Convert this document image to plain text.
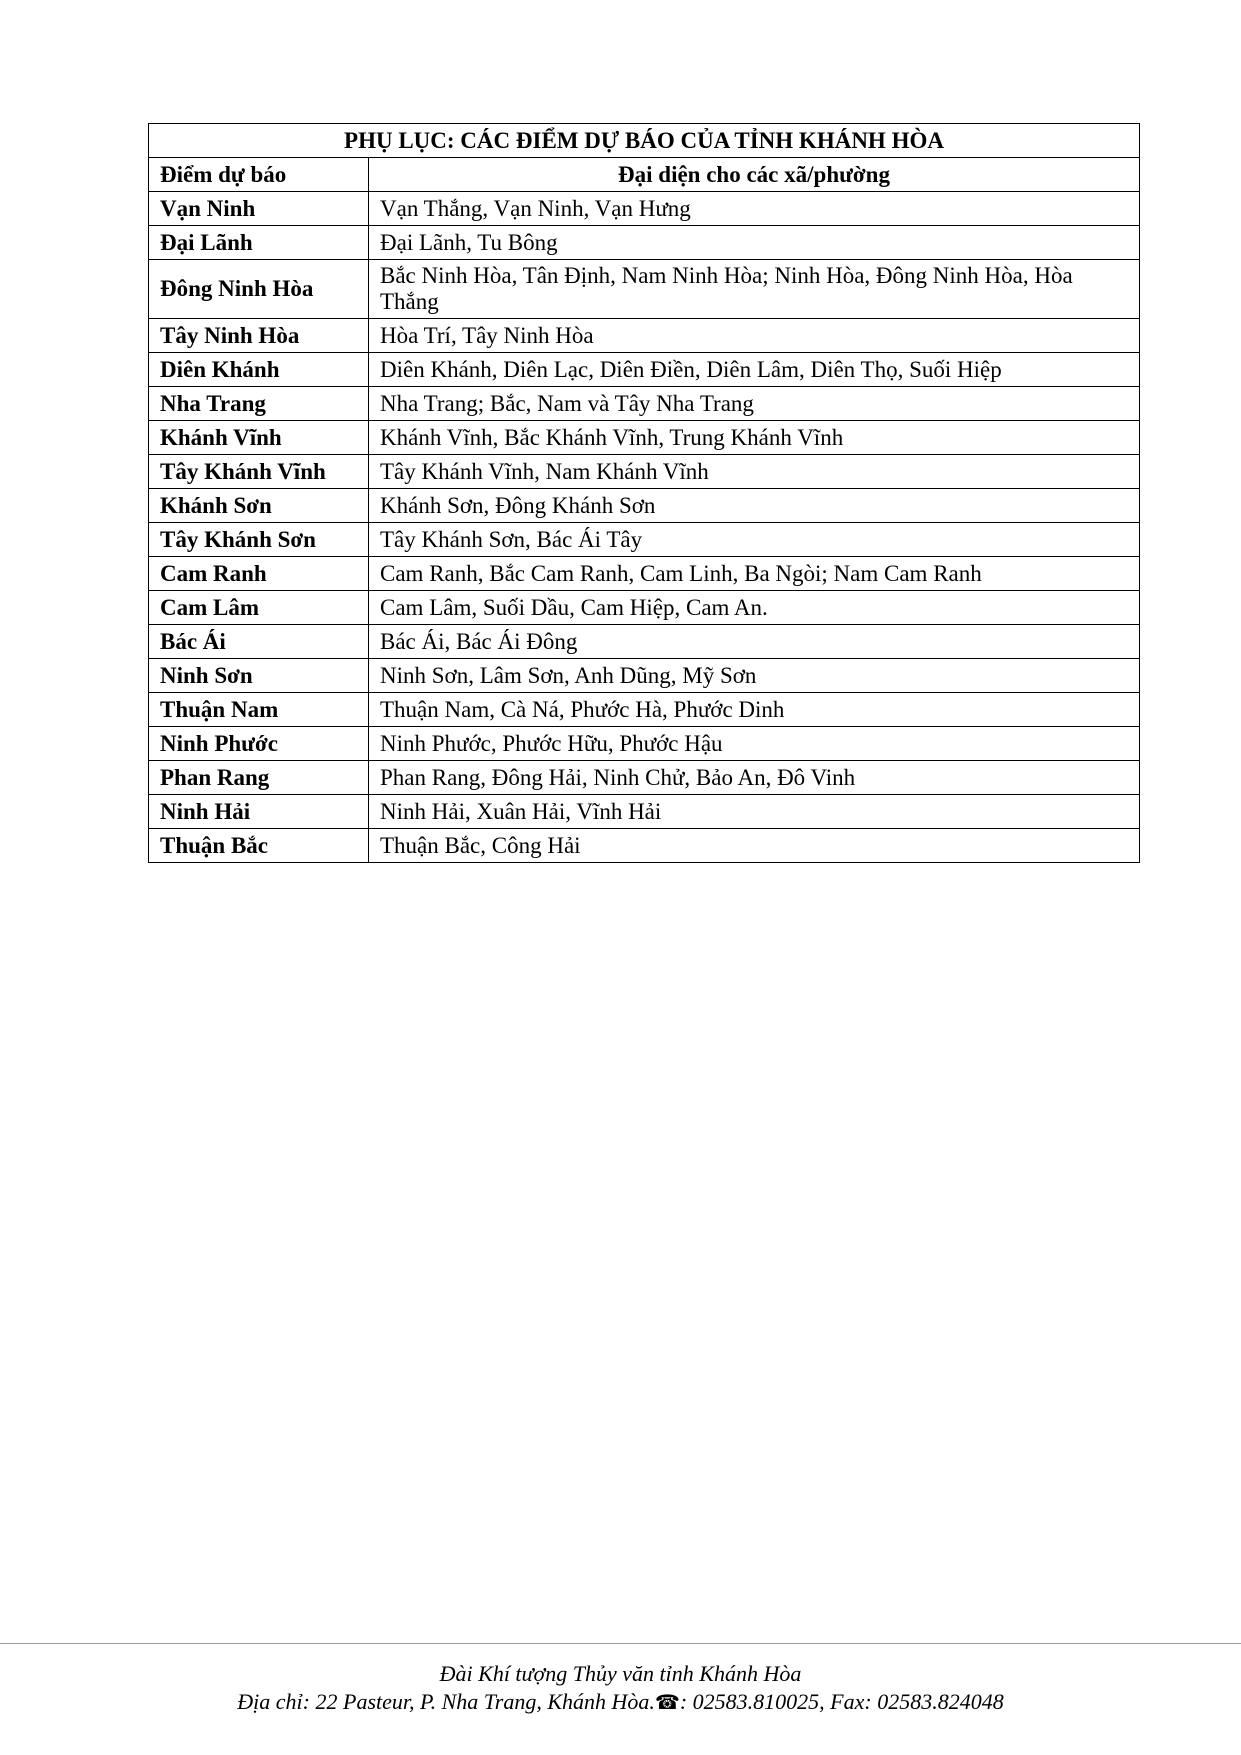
PHỤ LỤC: CÁC ĐIỂM DỰ BÁO CỦA TỈNH KHÁNH HÒA	
Điểm dự báo	Đại diện cho các xã/phường
Vạn Ninh	Vạn Thắng, Vạn Ninh, Vạn Hưng
Đại Lãnh	Đại Lãnh, Tu Bông
Đông Ninh Hòa	Bắc Ninh Hòa, Tân Định, Nam Ninh Hòa; Ninh Hòa, Đông Ninh Hòa, Hòa Thắng
Tây Ninh Hòa	Hòa Trí, Tây Ninh Hòa
Diên Khánh	Diên Khánh, Diên Lạc, Diên Điền, Diên Lâm, Diên Thọ, Suối Hiệp
Nha Trang	Nha Trang; Bắc, Nam và Tây Nha Trang
Khánh Vĩnh	Khánh Vĩnh, Bắc Khánh Vĩnh, Trung Khánh Vĩnh
Tây Khánh Vĩnh	Tây Khánh Vĩnh, Nam Khánh Vĩnh
Khánh Sơn	Khánh Sơn, Đông Khánh Sơn
Tây Khánh Sơn	Tây Khánh Sơn, Bác Ái Tây
Cam Ranh	Cam Ranh, Bắc Cam Ranh, Cam Linh, Ba Ngòi; Nam Cam Ranh
Cam Lâm	Cam Lâm, Suối Dầu, Cam Hiệp, Cam An.
Bác Ái	Bác Ái, Bác Ái Đông
Ninh Sơn	Ninh Sơn, Lâm Sơn, Anh Dũng, Mỹ Sơn
Thuận Nam	Thuận Nam, Cà Ná, Phước Hà, Phước Dinh
Ninh Phước	Ninh Phước, Phước Hữu, Phước Hậu
Phan Rang	Phan Rang, Đông Hải, Ninh Chử, Bảo An, Đô Vinh
Ninh Hải	Ninh Hải, Xuân Hải, Vĩnh Hải
Thuận Bắc	Thuận Bắc, Công Hải
Đài Khí tượng Thủy văn tỉnh Khánh Hòa
Địa chỉ: 22 Pasteur, P. Nha Trang, Khánh Hòa.☎: 02583.810025, Fax: 02583.824048
